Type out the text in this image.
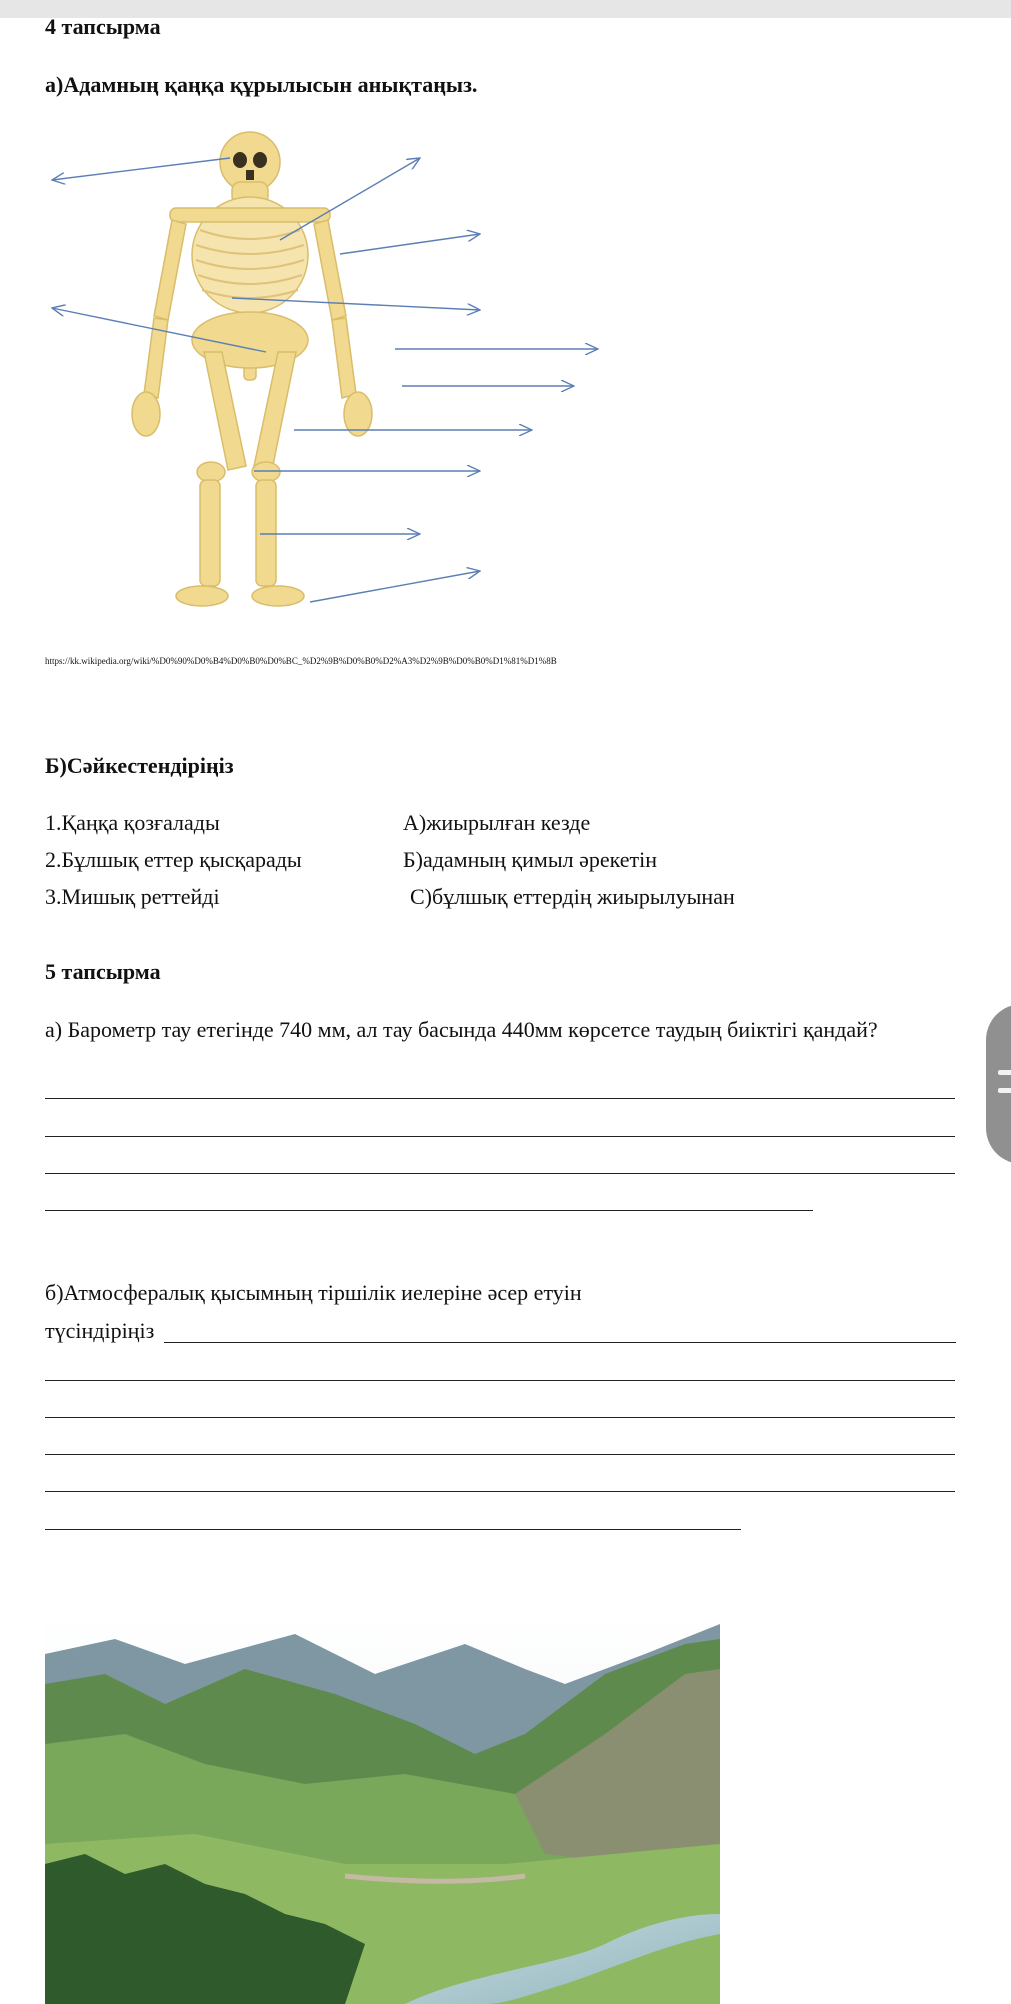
4 тапсырма
а)Адамның қаңқа құрылысын анықтаңыз.
https://kk.wikipedia.org/wiki/%D0%90%D0%B4%D0%B0%D0%BC_%D2%9B%D0%B0%D2%A3%D2%9B%D0%B0%D1%81%D1%8B
Б)Сәйкестендіріңіз
1.Қаңқа қозғалады
2.Бұлшық еттер қысқарады
3.Мишық реттейді
А)жиырылған кезде
Б)адамның қимыл әрекетін
С)бұлшық еттердің жиырылуынан
5 тапсырма
а) Барометр тау етегінде 740 мм, ал тау басында 440мм көрсетсе таудың биіктігі қандай?
б)Атмосфералық қысымның тіршілік иелеріне әсер етуін
түсіндіріңіз
